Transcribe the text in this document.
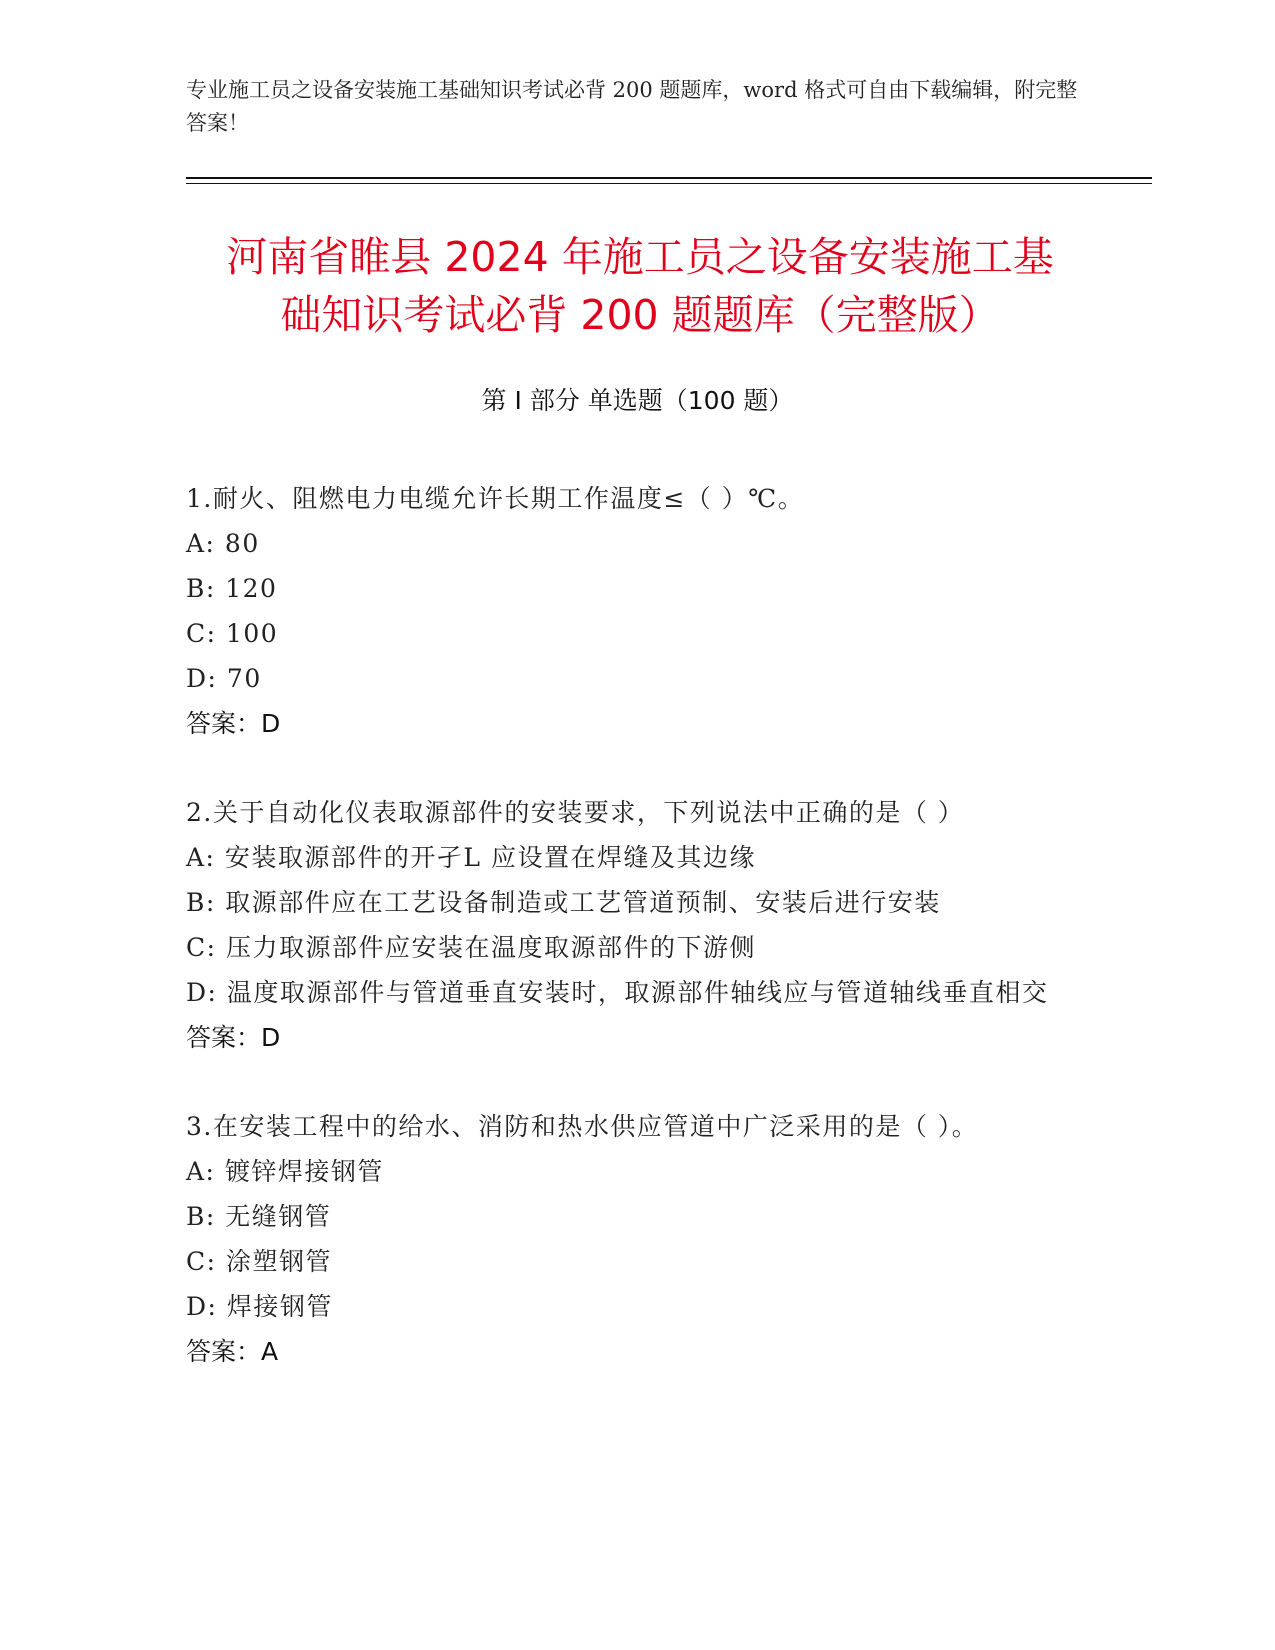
专业施工员之设备安装施工基础知识考试必背 200 题题库，word 格式可自由下载编辑，附完整答案！
河南省睢县 2024 年施工员之设备安装施工基
础知识考试必背 200 题题库（完整版）
第 I 部分 单选题（100 题）
1.耐火、阻燃电力电缆允许长期工作温度≤（ ）℃。
A: 80
B: 120
C: 100
D: 70
答案：D
2.关于自动化仪表取源部件的安装要求，下列说法中正确的是（ ）
A: 安装取源部件的开孑L 应设置在焊缝及其边缘
B: 取源部件应在工艺设备制造或工艺管道预制、安装后进行安装
C: 压力取源部件应安装在温度取源部件的下游侧
D: 温度取源部件与管道垂直安装时，取源部件轴线应与管道轴线垂直相交
答案：D
3.在安装工程中的给水、消防和热水供应管道中广泛采用的是（ ）。
A: 镀锌焊接钢管
B: 无缝钢管
C: 涂塑钢管
D: 焊接钢管
答案：A
